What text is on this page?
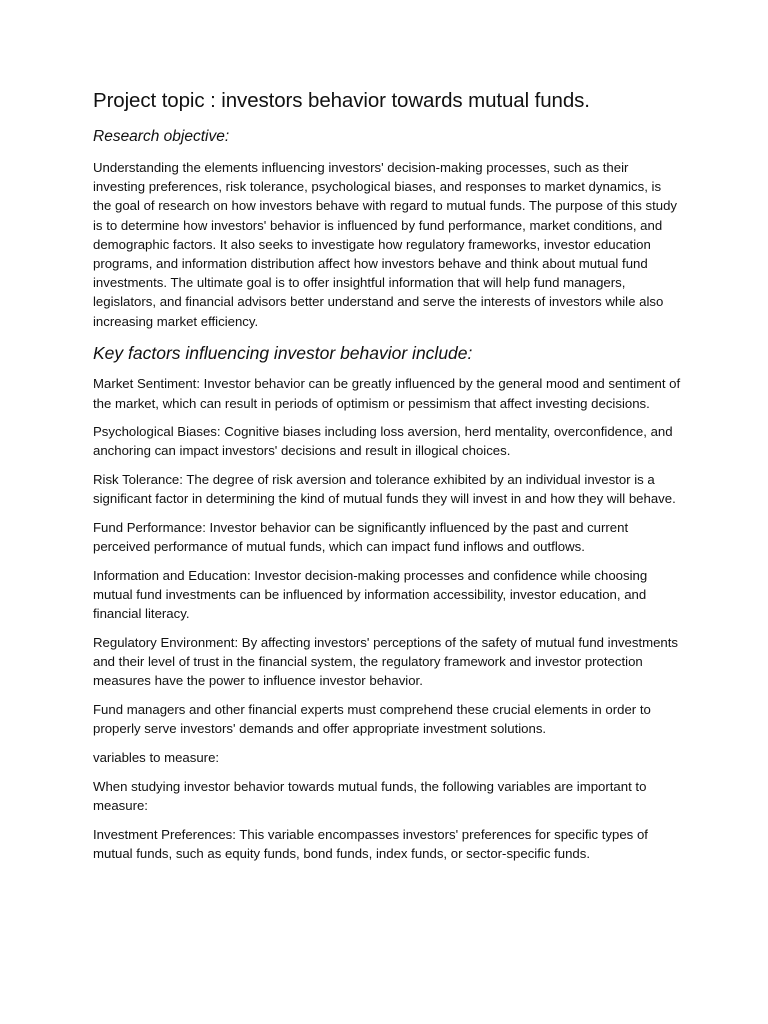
Project topic : investors behavior towards mutual funds.
Research objective:

Understanding the elements influencing investors' decision-making processes, such as their investing preferences, risk tolerance, psychological biases, and responses to market dynamics, is the goal of research on how investors behave with regard to mutual funds. The purpose of this study is to determine how investors' behavior is influenced by fund performance, market conditions, and demographic factors. It also seeks to investigate how regulatory frameworks, investor education programs, and information distribution affect how investors behave and think about mutual fund investments. The ultimate goal is to offer insightful information that will help fund managers, legislators, and financial advisors better understand and serve the interests of investors while also increasing market efficiency.

Key factors influencing investor behavior include:

Market Sentiment: Investor behavior can be greatly influenced by the general mood and sentiment of the market, which can result in periods of optimism or pessimism that affect investing decisions.

Psychological Biases: Cognitive biases including loss aversion, herd mentality, overconfidence, and anchoring can impact investors' decisions and result in illogical choices.

Risk Tolerance: The degree of risk aversion and tolerance exhibited by an individual investor is a significant factor in determining the kind of mutual funds they will invest in and how they will behave.

Fund Performance: Investor behavior can be significantly influenced by the past and current perceived performance of mutual funds, which can impact fund inflows and outflows.

Information and Education: Investor decision-making processes and confidence while choosing mutual fund investments can be influenced by information accessibility, investor education, and financial literacy.

Regulatory Environment: By affecting investors' perceptions of the safety of mutual fund investments and their level of trust in the financial system, the regulatory framework and investor protection measures have the power to influence investor behavior.

Fund managers and other financial experts must comprehend these crucial elements in order to properly serve investors' demands and offer appropriate investment solutions.

variables to measure:

When studying investor behavior towards mutual funds, the following variables are important to measure:

Investment Preferences: This variable encompasses investors' preferences for specific types of mutual funds, such as equity funds, bond funds, index funds, or sector-specific funds.
